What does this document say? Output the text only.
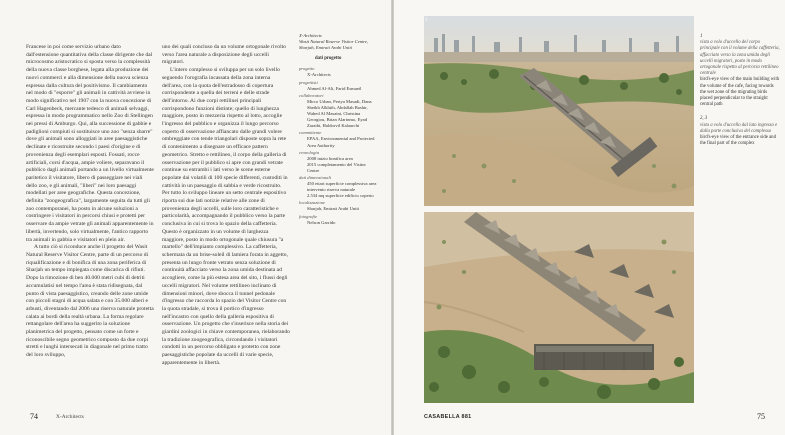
Francese in poi come servizio urbano dato dall'estensione quantitativa della classe dirigente che dal microcosmo aristocratico si sposta verso la complessità della nuova classe borghese, legata alla produzione dei nuovi commerci e alla dimensione della nuova scienza espressa dalla cultura del positivismo. Il cambiamento nel modo di "esporre" gli animali in cattività avviene in modo significativo nel 1907 con la nuova concezione di Carl Hagenbeck, mercante tedesco di animali selvaggi, espressa in modo programmatico nello Zoo di Stellingen nei pressi di Amburgo. Qui, alla successione di gabbie e padiglioni compiuti si sostituisce uno zoo "senza sbarre" dove gli animali sono alloggiati in aree paesaggistiche declinate e ricostruite secondo i paesi d'origine e di provenienza degli esemplari esposti. Fossati, rocce artificiali, corsi d'acqua, ampie voliere, separavano il pubblico dagli animali portando a un livello virtualmente paritetico il visitatore, libero di passeggiare nei viali dello zoo, e gli animali, "liberi" nei loro paesaggi modellati per aree geografiche. Questa concezione, definita "zoogeografica", largamente seguita da tutti gli zoo contemporanei, ha posto in alcune soluzioni a costringere i visitatori in percorsi chiusi e protetti per osservare da ampie vetrate gli animali apparentemente in libertà, invertendo, solo virtualmente, l'antico rapporto tra animali in gabbia e visitatori en plein air.

A tutto ciò si riconduce anche il progetto del Wasit Natural Reserve Visitor Centre, parte di un percorso di riqualificazione e di bonifica di una zona periferica di Sharjah un tempo impiegata come discarica di rifiuti. Dopo la rimozione di ben 40.000 metri cubi di detriti accumulatisi nel tempo l'area è stata ridisegnata, dal punto di vista paesaggistico, creando delle zone umide con piccoli stagni di acqua salata e con 35.000 alberi e arbusti, diventando dal 2006 una riserva naturale protetta calata ai bordi della realtà urbana. La forma regolare rettangolare dell'area ha suggerito la soluzione planimetrica del progetto, pensato come un forte e riconoscibile segno geometrico composto da due corpi stretti e lunghi intersecati in diagonale nel primo tratto del loro sviluppo,

uno dei quali concluso da un volume ortogonale rivolto verso l'area naturale a disposizione degli uccelli migratori.

L'intero complesso si sviluppa per un solo livello seguendo l'orografia incassata della zona interna dell'area, con la quota dell'estradosso di copertura corrispondente a quella dei terreni e delle strade dell'intorno. Ai due corpi rettilinei principali corrispondono funzioni distinte; quello di lunghezza maggiore, posto in mezzeria rispetto al lotto, accoglie l'ingresso del pubblico e organizza il lungo percorso coperto di osservazione affiancato dalle grandi volere ombreggiate con tende triangolari disposte sopra la rete di contenimento a disegnare un efficace pattern geometrico. Stretto e rettilineo, il corpo della galleria di osservazione per il pubblico si apre con grandi vetrate continue su entrambi i lati verso le scene esterne popolate dai volatili di 100 specie differenti, custoditi in cattività in un paesaggio di sabbia e verde ricostruito. Per tutto lo sviluppo lineare un setto centrale espositivo riporta sui due lati notizie relative alle zone di provenienza degli uccelli, sulle loro caratteristiche e particolarità, accompagnando il pubblico verso la parte conclusiva in cui si trova lo spazio della caffetteria. Questo è organizzato in un volume di larghezza maggiore, posto in modo ortogonale quale chiusura "a martello" dell'impianto complessivo. La caffetteria, schermata da un brise-soleil di lamiera forata in aggetto, presenta un lungo fronte vetrato senza soluzione di continuità affacciato verso la zona umida destinata ad accogliere, come la più estesa area del sito, i flussi degli uccelli migratori. Nel volume rettilineo inclinato di dimensioni minori, dove sboccа il tunnel pedonale d'ingresso che raccorda lo spazio del Visitor Centre con la quota stradale, si trova il portico d'ingresso nell'incastro con quello della galleria espositiva di osservazione. Un progetto che s'inserisce nella storia dei giardini zoologici in chiave contemporanea, rielaborando la tradizione zoogeografica, circondando i visitatori condotti in un percorso obbligato e protetto con zone paesaggistiche popolate da uccelli di varie specie, apparentemente in libertà.

X-Architects
Wasit Natural Reserve Visitor Centre, Sharjah, Emirati Arabi Uniti
dati progetto
progetto
X-Architects
progettisti
Ahmed Al-Ali, Farid Esmaeil
collaboratori
Mirco Urban, Periya Masadi, Dana Sheikh Alkhiih, Abdallah Bashir, Wahed Al Masaini, Christina Georgiou, Brian Alarinmo, Eyad Zaraibi, Haldorvil Kalaarchi
committente
EPAA, Environmental and Protected Area Authority
cronologia
2008 inizio bonifica area
2015 completamento del Visitor Centre
dati dimensionali
450 ettari superficie complessiva area intervento riserva naturale
2.534 mq superficie edificio coperto
localizzazione
Sharjah, Emirati Arabi Uniti
fotografie
Nelson Garrido
74	X-Architects
1
1
vista a volo d'uccello del corpo principale con il volume della caffetteria, affacciato verso la zona umida degli uccelli migratori, posto in modo ortogonale rispetto al percorso rettilineo centrale
bird's-eye view of the main building with the volume of the cafe, facing towards the wet zone of the migrating birds placed perpendicular to the straight central path
2, 3
vista a volo d'uccello dal lato ingresso e dalla parte conclusiva del complesso
bird's-eye view of the entrance side and the final part of the complex
CASABELLA 881	75
